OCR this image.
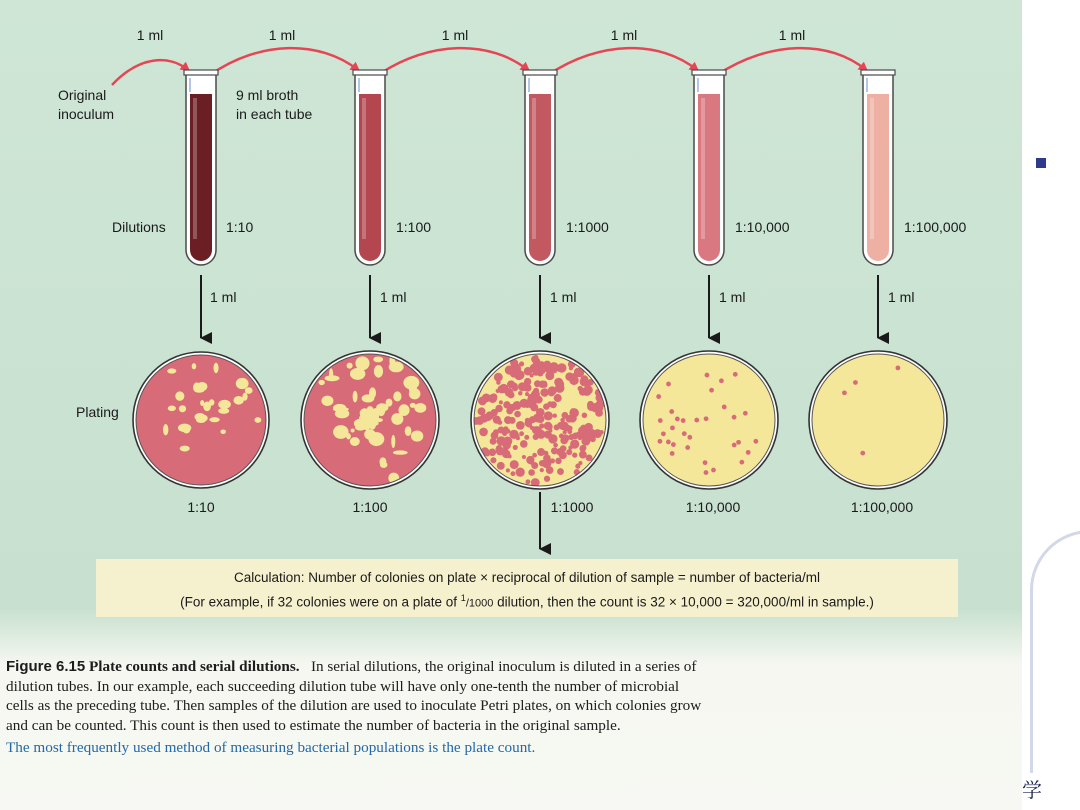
1 ml	1 ml	1 ml	1 ml	1 ml
Original
inoculum
9 ml broth
in each tube
Dilutions	1:10	1:100	1:1000	1:10,000	1:100,000
1 ml	1 ml	1 ml	1 ml	1 ml
Plating
1:10	1:100	1:1000	1:10,000	1:100,000
Calculation: Number of colonies on plate × reciprocal of dilution of sample = number of bacteria/ml
(For example, if 32 colonies were on a plate of $^1$/1000 dilution, then the count is 32 × 10,000 = 320,000/ml in sample.)
Figure 6.15 Plate counts and serial dilutions. In serial dilutions, the original inoculum is diluted in a series of dilution tubes. In our example, each succeeding dilution tube will have only one-tenth the number of microbial cells as the preceding tube. Then samples of the dilution are used to inoculate Petri plates, on which colonies grow and can be counted. This count is then used to estimate the number of bacteria in the original sample.
The most frequently used method of measuring bacterial populations is the plate count.
学
